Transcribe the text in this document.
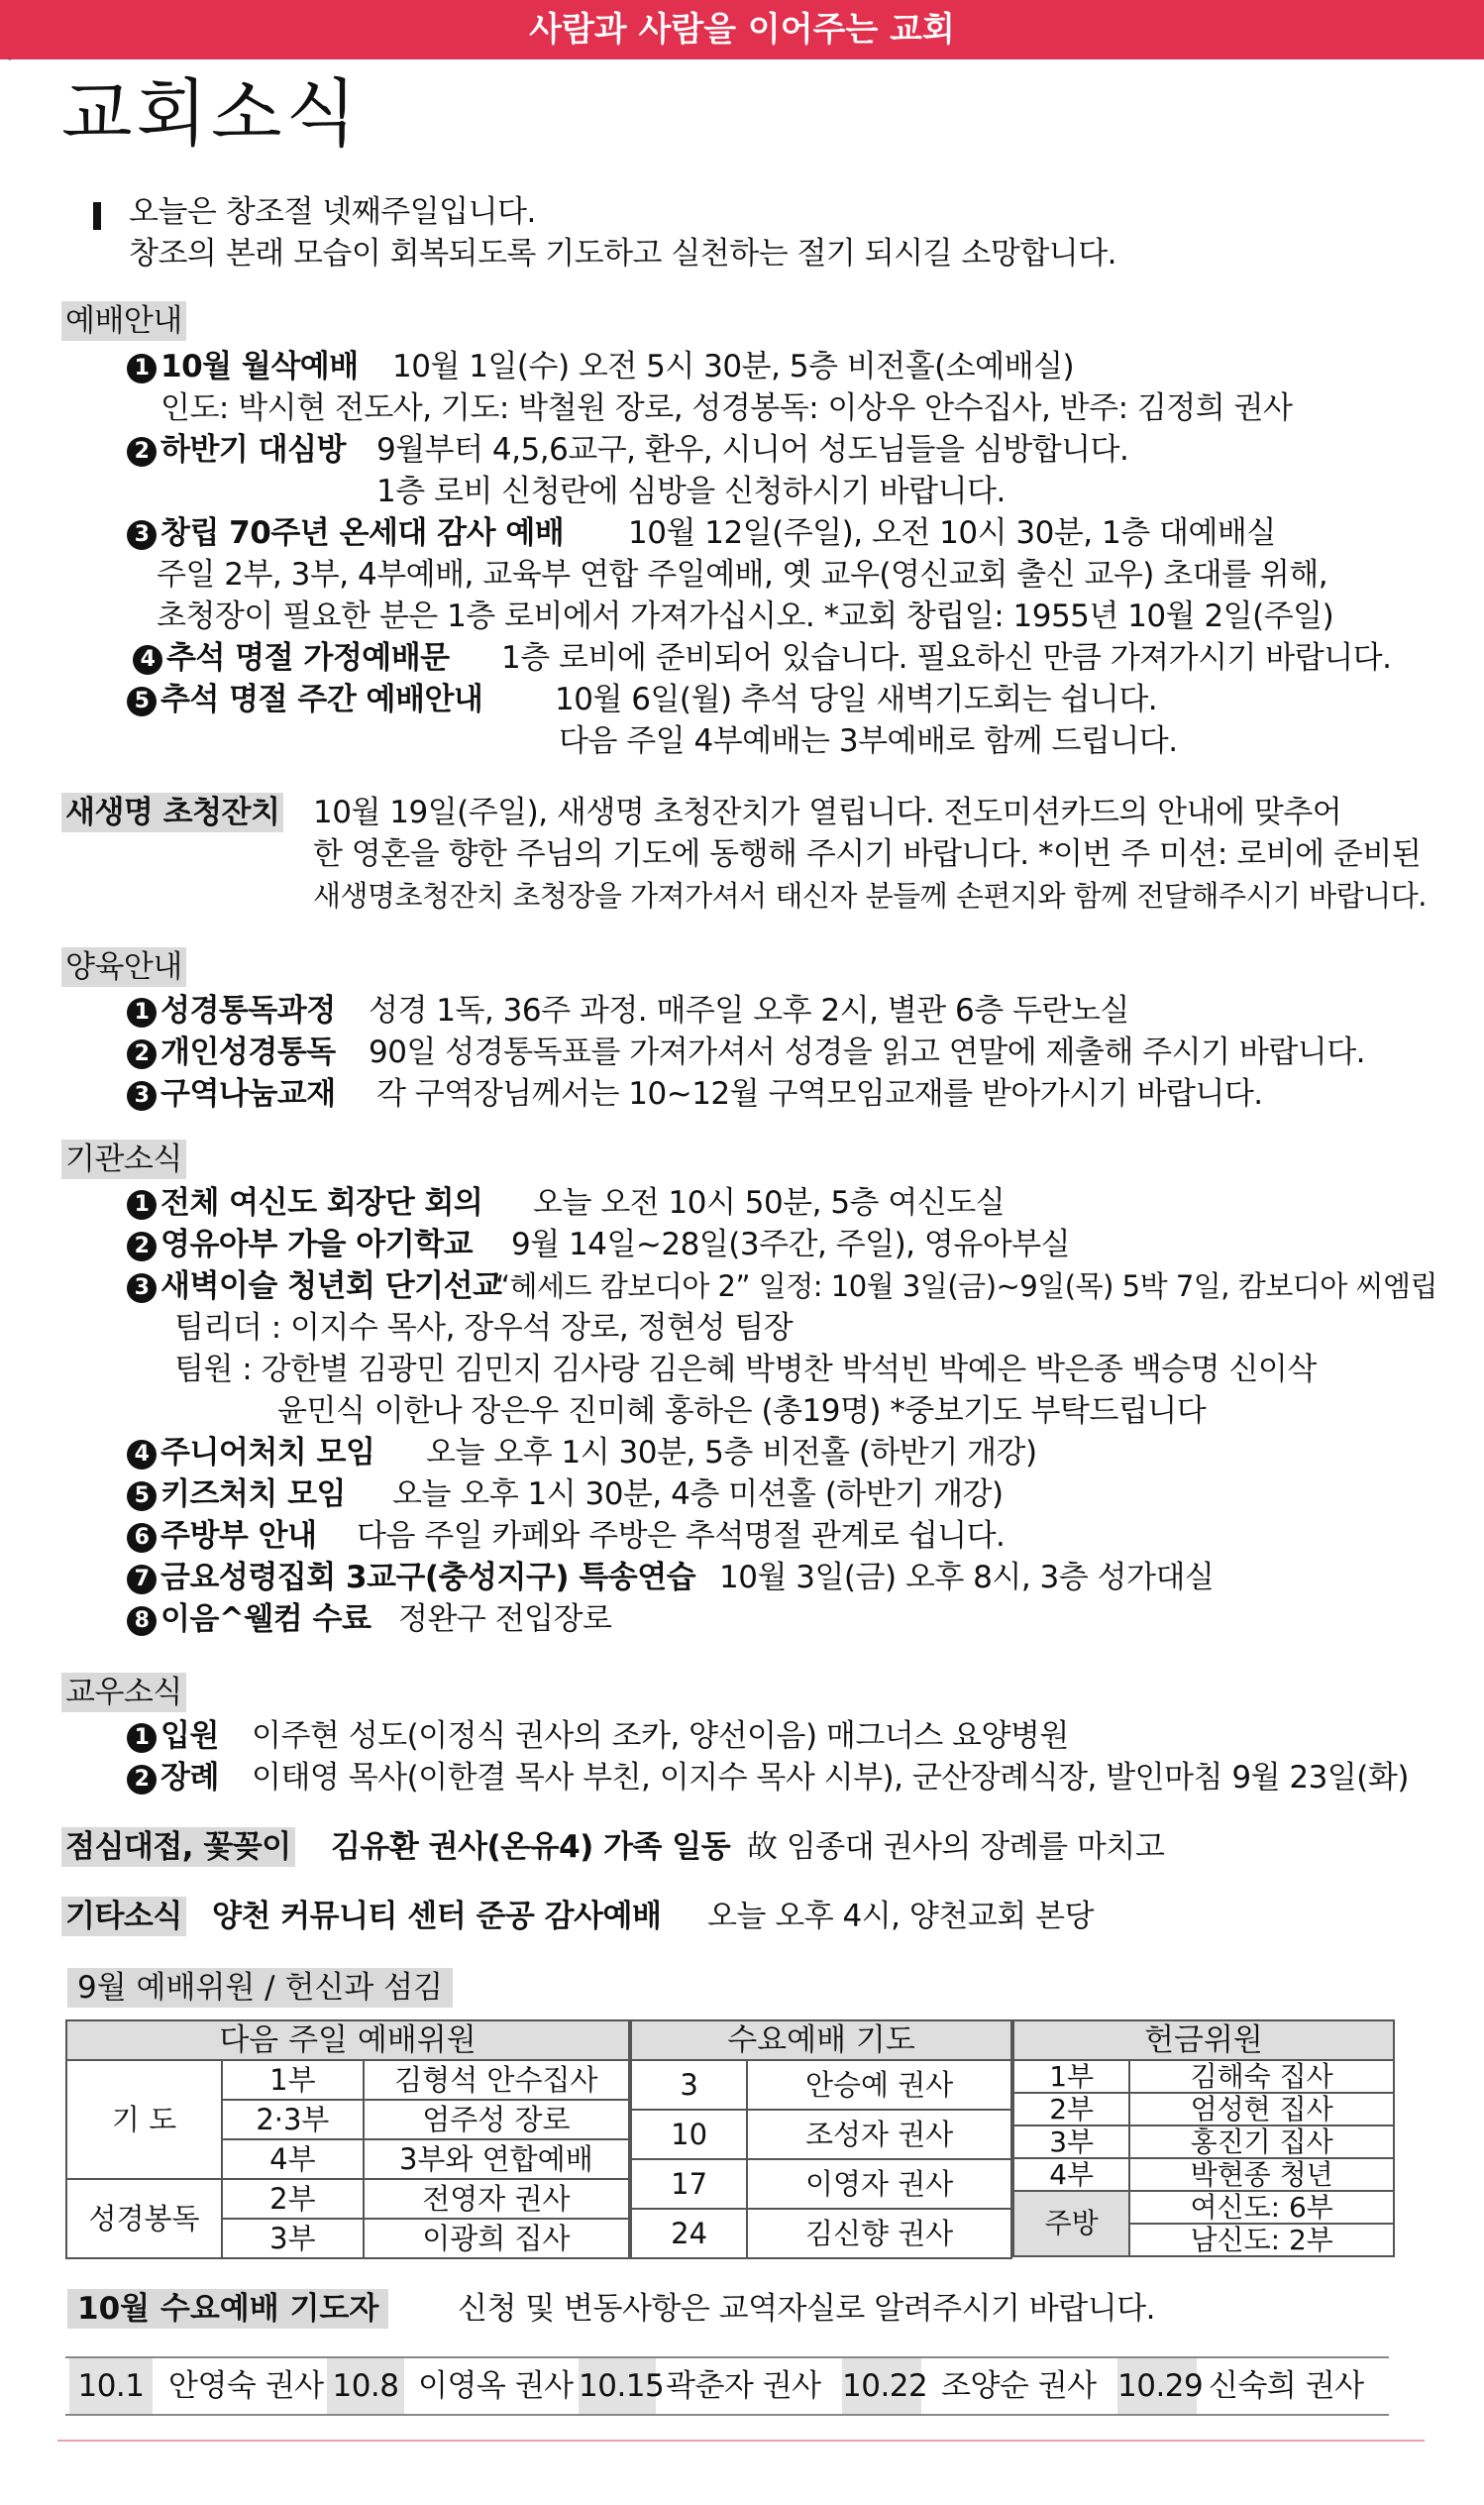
사람과 사람을 이어주는 교회
`
교회소식
오늘은 창조절 넷째주일입니다.
창조의 본래 모습이 회복되도록 기도하고 실천하는 절기 되시길 소망합니다.
예배안내
1 10월 월삭예배 10월 1일(수) 오전 5시 30분, 5층 비전홀(소예배실)
인도: 박시현 전도사, 기도: 박철원 장로, 성경봉독: 이상우 안수집사, 반주: 김정희 권사
2 하반기 대심방 9월부터 4,5,6교구, 환우, 시니어 성도님들을 심방합니다.
1층 로비 신청란에 심방을 신청하시기 바랍니다.
3 창립 70주년 온세대 감사 예배 10월 12일(주일), 오전 10시 30분, 1층 대예배실
주일 2부, 3부, 4부예배, 교육부 연합 주일예배, 옛 교우(영신교회 출신 교우) 초대를 위해,
초청장이 필요한 분은 1층 로비에서 가져가십시오. *교회 창립일: 1955년 10월 2일(주일)
4 추석 명절 가정예배문 1층 로비에 준비되어 있습니다. 필요하신 만큼 가져가시기 바랍니다.
5 추석 명절 주간 예배안내 10월 6일(월) 추석 당일 새벽기도회는 쉽니다.
다음 주일 4부예배는 3부예배로 함께 드립니다.
새생명 초청잔치 10월 19일(주일), 새생명 초청잔치가 열립니다. 전도미션카드의 안내에 맞추어
한 영혼을 향한 주님의 기도에 동행해 주시기 바랍니다. *이번 주 미션: 로비에 준비된
새생명초청잔치 초청장을 가져가셔서 태신자 분들께 손편지와 함께 전달해주시기 바랍니다.
양육안내
1 성경통독과정 성경 1독, 36주 과정. 매주일 오후 2시, 별관 6층 두란노실
2 개인성경통독 90일 성경통독표를 가져가셔서 성경을 읽고 연말에 제출해 주시기 바랍니다.
3 구역나눔교재 각 구역장님께서는 10~12월 구역모임교재를 받아가시기 바랍니다.
기관소식
1 전체 여신도 회장단 회의 오늘 오전 10시 50분, 5층 여신도실
2 영유아부 가을 아기학교 9월 14일~28일(3주간, 주일), 영유아부실
3 새벽이슬 청년회 단기선교
“헤세드 캄보디아 2” 일정: 10월 3일(금)~9일(목) 5박 7일, 캄보디아 씨엠립
팀리더 : 이지수 목사, 장우석 장로, 정현성 팀장
팀원 : 강한별 김광민 김민지 김사랑 김은혜 박병찬 박석빈 박예은 박은종 백승명 신이삭
윤민식 이한나 장은우 진미혜 홍하은 (총19명) *중보기도 부탁드립니다
4 주니어처치 모임 오늘 오후 1시 30분, 5층 비전홀 (하반기 개강)
5 키즈처치 모임 오늘 오후 1시 30분, 4층 미션홀 (하반기 개강)
6 주방부 안내 다음 주일 카페와 주방은 추석명절 관계로 쉽니다.
7 금요성령집회 3교구(충성지구) 특송연습 10월 3일(금) 오후 8시, 3층 성가대실
8 이음^웰컴 수료 정완구 전입장로
교우소식
1 입원 이주현 성도(이정식 권사의 조카, 양선이음) 매그너스 요양병원
2 장례 이태영 목사(이한결 목사 부친, 이지수 목사 시부), 군산장례식장, 발인마침 9월 23일(화)
점심대접, 꽃꽂이 김유환 권사(온유4) 가족 일동 故 임종대 권사의 장례를 마치고
기타소식 양천 커뮤니티 센터 준공 감사예배 오늘 오후 4시, 양천교회 본당
9월 예배위원 / 헌신과 섬김
다음 주일 예배위원		
기 도	1부	김형석 안수집사
	2·3부	엄주성 장로
	4부	3부와 연합예배
성경봉독	2부	전영자 권사
	3부	이광희 집사
수요예배 기도	
3	안승예 권사
10	조성자 권사
17	이영자 권사
24	김신향 권사
헌금위원	
1부	김해숙 집사
2부	엄성현 집사
3부	홍진기 집사
4부	박현종 청년
주방	여신도: 6부
	남신도: 2부
10월 수요예배 기도자	신청 및 변동사항은 교역자실로 알려주시기 바랍니다.
10.1 안영숙 권사 10.8 이영옥 권사 10.15 곽춘자 권사 10.22 조양순 권사 10.29 신숙희 권사
